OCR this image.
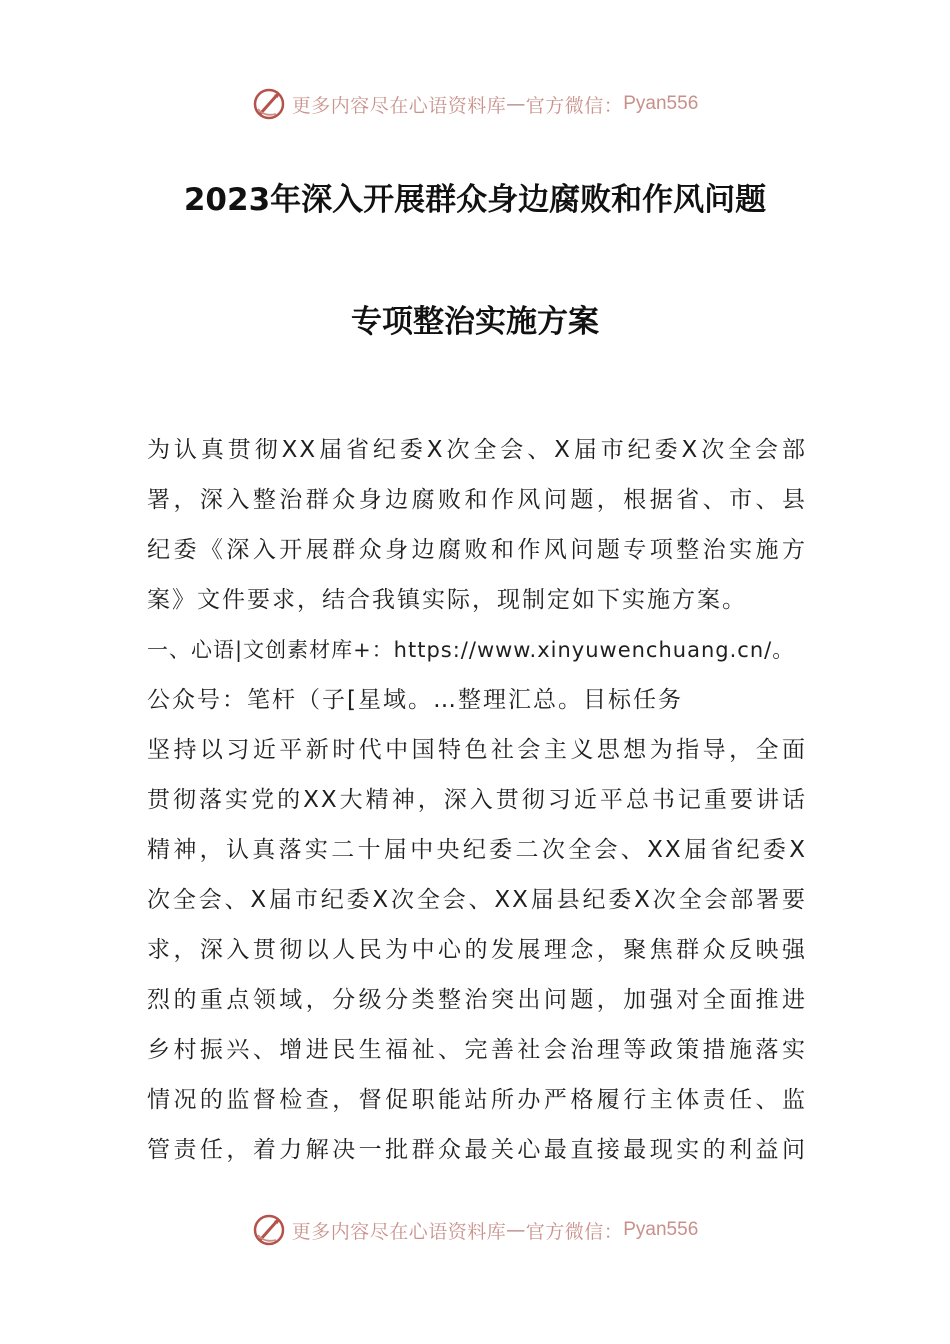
更多内容尽在心语资料库 — 官方微信： Pyan556
2023年深入开展群众身边腐败和作风问题
专项整治实施方案
为认真贯彻XX届省纪委X次全会、X届市纪委X次全会部
署，深入整治群众身边腐败和作风问题，根据省、市、县
纪委《深入开展群众身边腐败和作风问题专项整治实施方
案》文件要求，结合我镇实际，现制定如下实施方案。
一、心语|文创素材库+：https://www.xinyuwenchuang.cn/。
公众号：笔杆（子[星域。…整理汇总。目标任务
坚持以习近平新时代中国特色社会主义思想为指导，全面
贯彻落实党的XX大精神，深入贯彻习近平总书记重要讲话
精神，认真落实二十届中央纪委二次全会、XX届省纪委X
次全会、X届市纪委X次全会、XX届县纪委X次全会部署要
求，深入贯彻以人民为中心的发展理念，聚焦群众反映强
烈的重点领域，分级分类整治突出问题，加强对全面推进
乡村振兴、增进民生福祉、完善社会治理等政策措施落实
情况的监督检查，督促职能站所办严格履行主体责任、监
管责任，着力解决一批群众最关心最直接最现实的利益问
更多内容尽在心语资料库 — 官方微信： Pyan556
